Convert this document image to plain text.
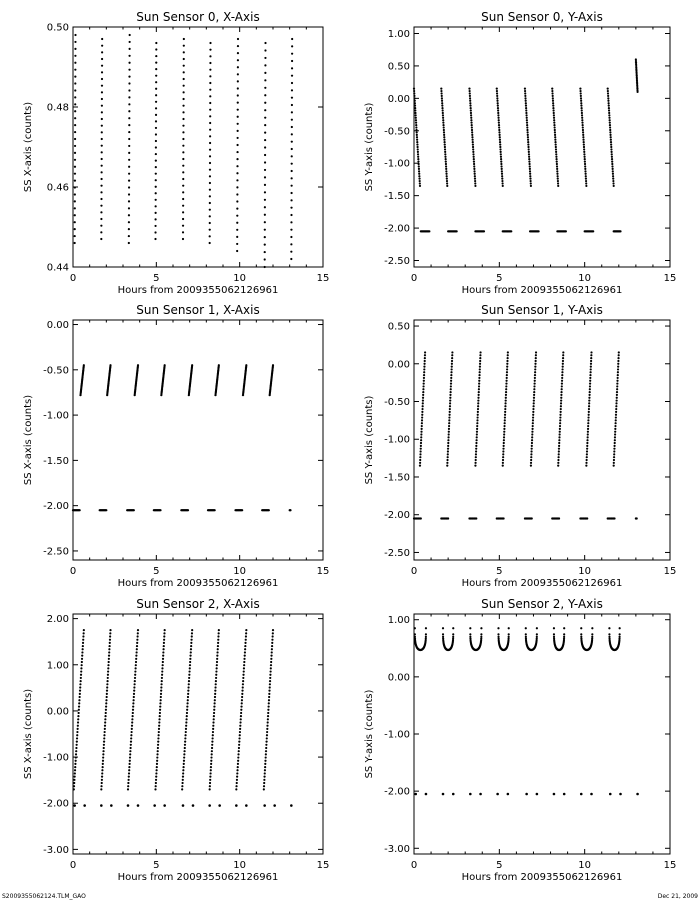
S2009355062124.TLM_GAO	Dec 21, 2009
Sun Sensor 0, X-Axis
0	5	10	15
0.44
0.46
0.48
0.50
Hours from 2009355062126961
SS X-axis (counts)
Sun Sensor 0, Y-Axis
0	5	10	15
-2.50
-2.00
-1.50
-1.00
-0.50
0.00
0.50
1.00
Hours from 2009355062126961
SS Y-axis (counts)
Sun Sensor 1, X-Axis
0	5	10	15
-2.50
-2.00
-1.50
-1.00
-0.50
0.00
Hours from 2009355062126961
SS X-axis (counts)
Sun Sensor 1, Y-Axis
0	5	10	15
-2.50
-2.00
-1.50
-1.00
-0.50
0.00
0.50
Hours from 2009355062126961
SS Y-axis (counts)
Sun Sensor 2, X-Axis
0	5	10	15
-3.00
-2.00
-1.00
0.00
1.00
2.00
Hours from 2009355062126961
SS X-axis (counts)
Sun Sensor 2, Y-Axis
0	5	10	15
-3.00
-2.00
-1.00
0.00
1.00
Hours from 2009355062126961
SS Y-axis (counts)
